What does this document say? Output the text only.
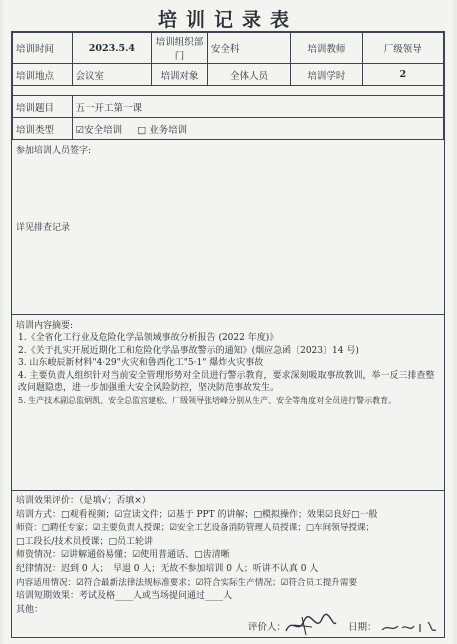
培训记录表
培训时间	2023.5.4	培训组织部门	安全科	培训教师	厂级领导
培训地点	会议室	培训对象	全体人员	培训学时	2

培训题目	五一开工第一课				
培训类型	☑安全培训 □ 业务培训				
参加培训人员签字:
详见排查记录
培训内容摘要:
1.《全省化工行业及危险化学品领域事故分析报告 (2022 年度)》
2.《关于扎实开展近期化工和危险化学品事故警示的通知》(烟应急函〔2023〕14 号)
3. 山东峻辰新材料"4·29"火灾和鲁西化工"5·1" 爆炸火灾事故
4. 主要负责人组织针对当前安全管理形势对全员进行警示教育，要求深刻吸取事故教训，举一反三排查整改问题隐患，进一步加强重大安全风险防控，坚决防范事故发生。
5. 生产技术副总监炳凯、安全总监宫建松、厂级领导张培峰分别从生产、安全等角度对全员进行警示教育。
培训效果评价：（是填√；否填×）
培训方式：□观看视频；☑宣读文件；☑基于 PPT 的讲解；□模拟操作；效果☑良好□一般
师资：□聘任专家；☑主要负责人授课；☑安全工艺设备消防管理人员授课；□车间领导授课；
□工段长/技术员授课；□员工轮讲
师资情况：☑讲解通俗易懂；☑使用普通话、□齿清晰
纪律情况：迟到 0 人；　早退 0 人；无故不参加培训 0 人；听讲不认真 0 人
内容适用情况：☑符合最新法律法规标准要求；☑符合实际生产情况；☑符合员工提升需要
培训短期效果：考试及格____人或当场提问通过____人
其他：
评价人：	日期：
